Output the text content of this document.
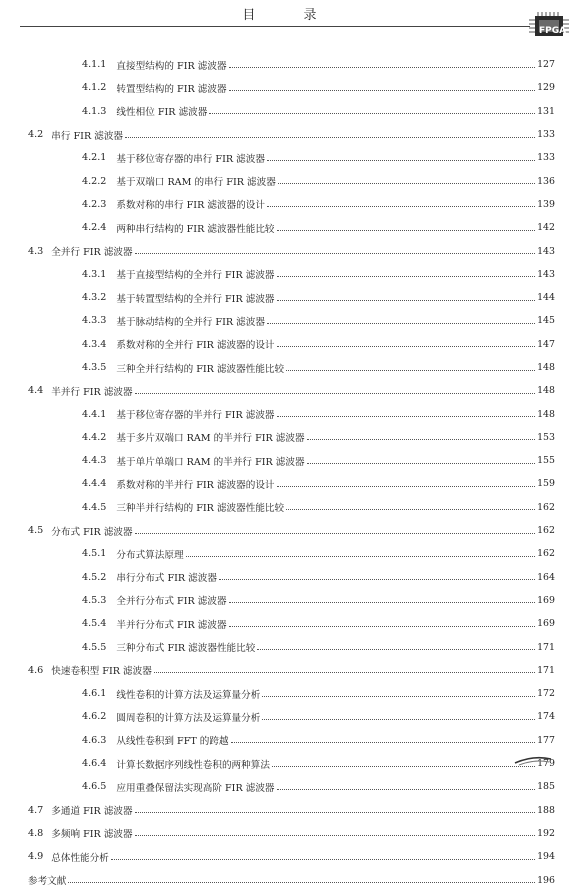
目 录
FPGA
4.1.1 直接型结构的 FIR 滤波器	127
4.1.2 转置型结构的 FIR 滤波器	129
4.1.3 线性相位 FIR 滤波器	131
4.2 串行 FIR 滤波器	133
4.2.1 基于移位寄存器的串行 FIR 滤波器	133
4.2.2 基于双端口 RAM 的串行 FIR 滤波器	136
4.2.3 系数对称的串行 FIR 滤波器的设计	139
4.2.4 两种串行结构的 FIR 滤波器性能比较	142
4.3 全并行 FIR 滤波器	143
4.3.1 基于直接型结构的全并行 FIR 滤波器	143
4.3.2 基于转置型结构的全并行 FIR 滤波器	144
4.3.3 基于脉动结构的全并行 FIR 滤波器	145
4.3.4 系数对称的全并行 FIR 滤波器的设计	147
4.3.5 三种全并行结构的 FIR 滤波器性能比较	148
4.4 半并行 FIR 滤波器	148
4.4.1 基于移位寄存器的半并行 FIR 滤波器	148
4.4.2 基于多片双端口 RAM 的半并行 FIR 滤波器	153
4.4.3 基于单片单端口 RAM 的半并行 FIR 滤波器	155
4.4.4 系数对称的半并行 FIR 滤波器的设计	159
4.4.5 三种半并行结构的 FIR 滤波器性能比较	162
4.5 分布式 FIR 滤波器	162
4.5.1 分布式算法原理	162
4.5.2 串行分布式 FIR 滤波器	164
4.5.3 全并行分布式 FIR 滤波器	169
4.5.4 半并行分布式 FIR 滤波器	169
4.5.5 三种分布式 FIR 滤波器性能比较	171
4.6 快速卷积型 FIR 滤波器	171
4.6.1 线性卷积的计算方法及运算量分析	172
4.6.2 圆周卷积的计算方法及运算量分析	174
4.6.3 从线性卷积到 FFT 的跨越	177
4.6.4 计算长数据序列线性卷积的两种算法	179
4.6.5 应用重叠保留法实现高阶 FIR 滤波器	185
4.7 多通道 FIR 滤波器	188
4.8 多频响 FIR 滤波器	192
4.9 总体性能分析	194
参考文献	196
